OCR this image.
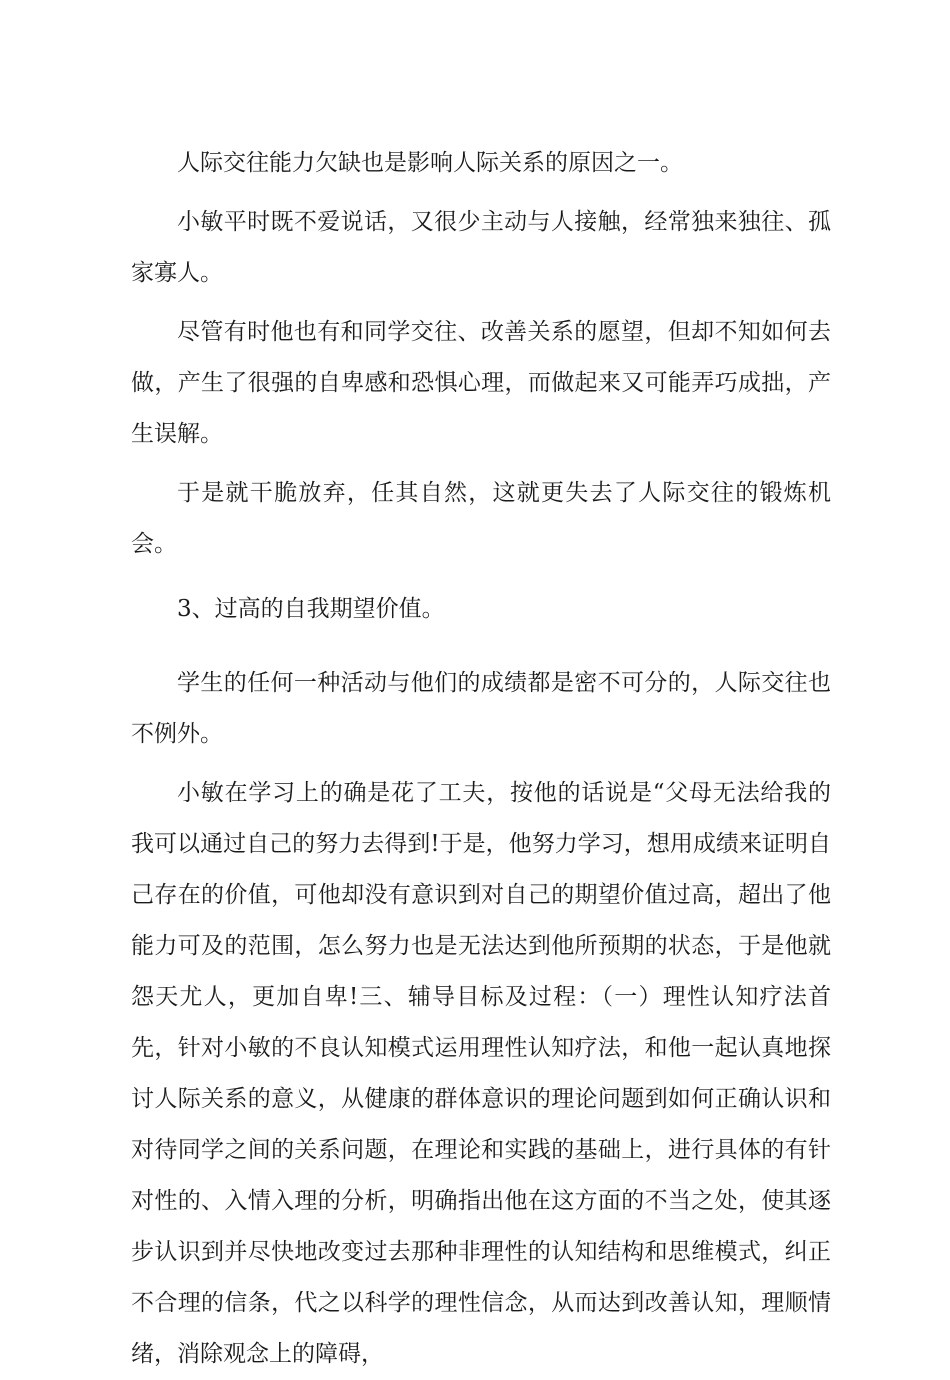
人际交往能力欠缺也是影响人际关系的原因之一。

小敏平时既不爱说话，又很少主动与人接触，经常独来独往、孤家寡人。

尽管有时他也有和同学交往、改善关系的愿望，但却不知如何去做，产生了很强的自卑感和恐惧心理，而做起来又可能弄巧成拙，产生误解。

于是就干脆放弃，任其自然，这就更失去了人际交往的锻炼机会。

3、过高的自我期望价值。

学生的任何一种活动与他们的成绩都是密不可分的，人际交往也不例外。

小敏在学习上的确是花了工夫，按他的话说是“父母无法给我的我可以通过自己的努力去得到!于是，他努力学习，想用成绩来证明自己存在的价值，可他却没有意识到对自己的期望价值过高，超出了他能力可及的范围，怎么努力也是无法达到他所预期的状态，于是他就怨天尤人，更加自卑!三、辅导目标及过程：（一）理性认知疗法首先，针对小敏的不良认知模式运用理性认知疗法，和他一起认真地探讨人际关系的意义，从健康的群体意识的理论问题到如何正确认识和对待同学之间的关系问题，在理论和实践的基础上，进行具体的有针对性的、入情入理的分析，明确指出他在这方面的不当之处，使其逐步认识到并尽快地改变过去那种非理性的认知结构和思维模式，纠正不合理的信条，代之以科学的理性信念，从而达到改善认知，理顺情绪，消除观念上的障碍，
